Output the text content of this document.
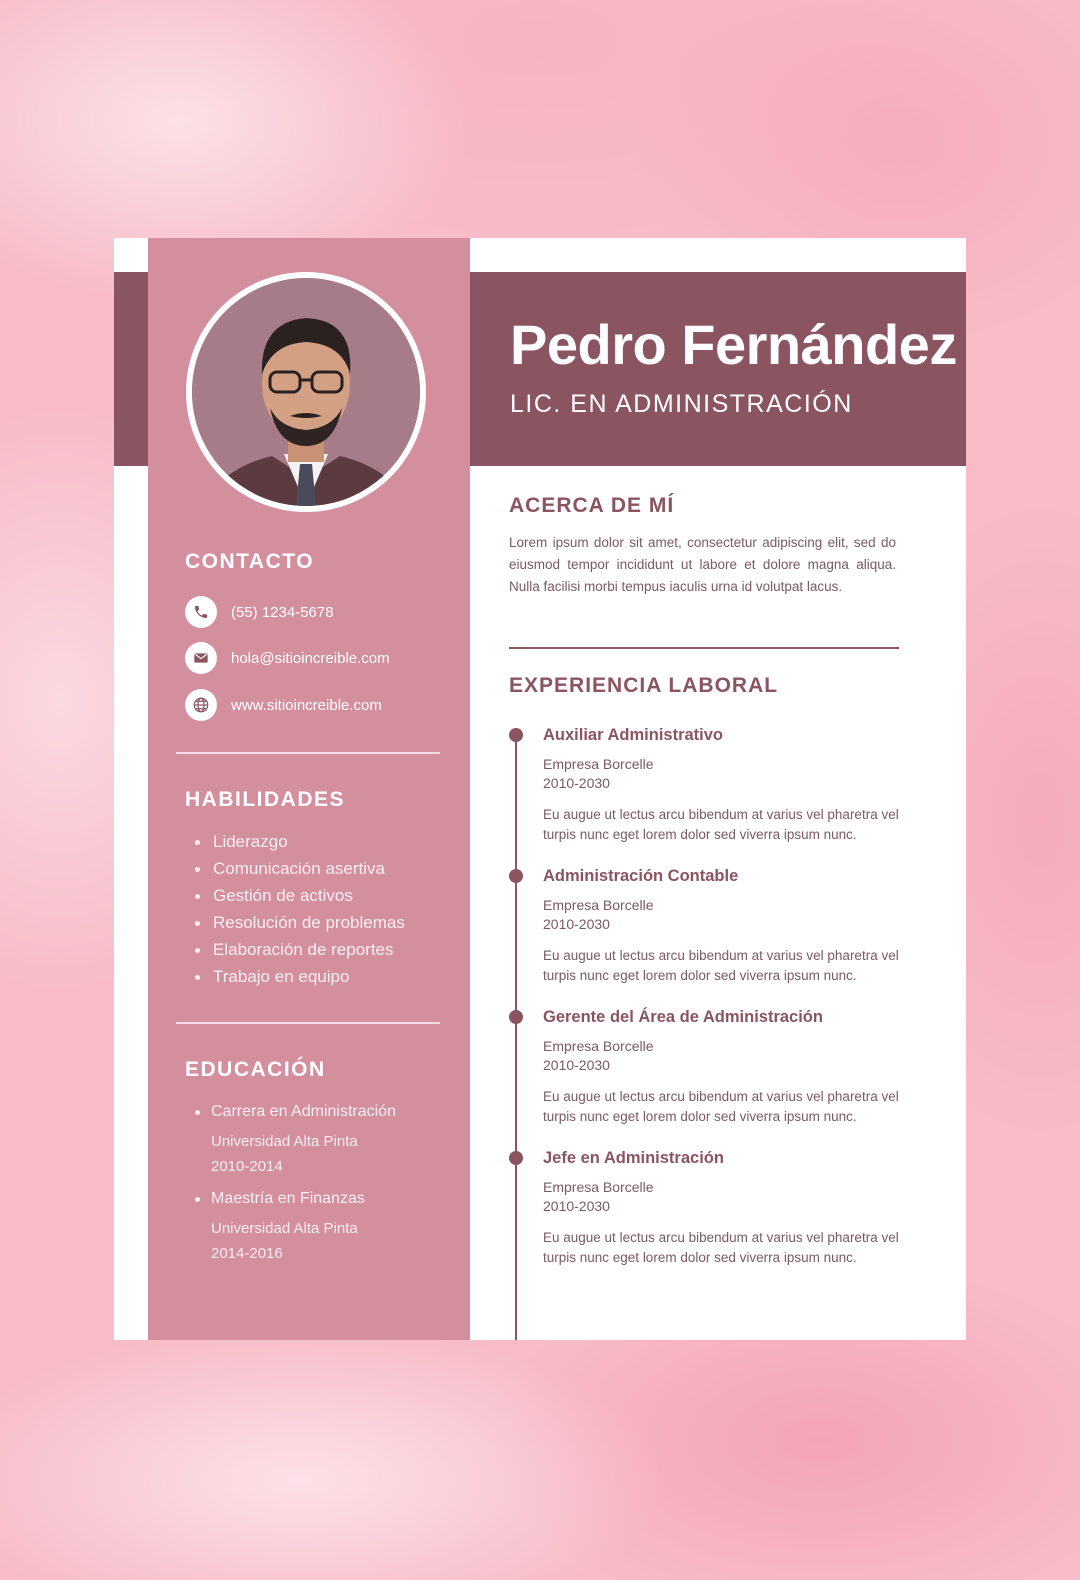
CONTACTO
(55) 1234-5678
hola@sitioincreible.com
www.sitioincreible.com
HABILIDADES
Liderazgo
Comunicación asertiva
Gestión de activos
Resolución de problemas
Elaboración de reportes
Trabajo en equipo
EDUCACIÓN
Carrera en Administración
Universidad Alta Pinta
2010-2014
Maestría en Finanzas
Universidad Alta Pinta
2014-2016
Pedro Fernández

LIC. EN ADMINISTRACIÓN

ACERCA DE MÍ

Lorem ipsum dolor sit amet, consectetur adipiscing elit, sed do eiusmod tempor incididunt ut labore et dolore magna aliqua. Nulla facilisi morbi tempus iaculis urna id volutpat lacus.

EXPERIENCIA LABORAL
Auxiliar Administrativo
Empresa Borcelle
2010-2030

Eu augue ut lectus arcu bibendum at varius vel pharetra vel turpis nunc eget lorem dolor sed viverra ipsum nunc.

Administración Contable
Empresa Borcelle
2010-2030

Eu augue ut lectus arcu bibendum at varius vel pharetra vel turpis nunc eget lorem dolor sed viverra ipsum nunc.

Gerente del Área de Administración
Empresa Borcelle
2010-2030

Eu augue ut lectus arcu bibendum at varius vel pharetra vel turpis nunc eget lorem dolor sed viverra ipsum nunc.

Jefe en Administración
Empresa Borcelle
2010-2030

Eu augue ut lectus arcu bibendum at varius vel pharetra vel turpis nunc eget lorem dolor sed viverra ipsum nunc.
